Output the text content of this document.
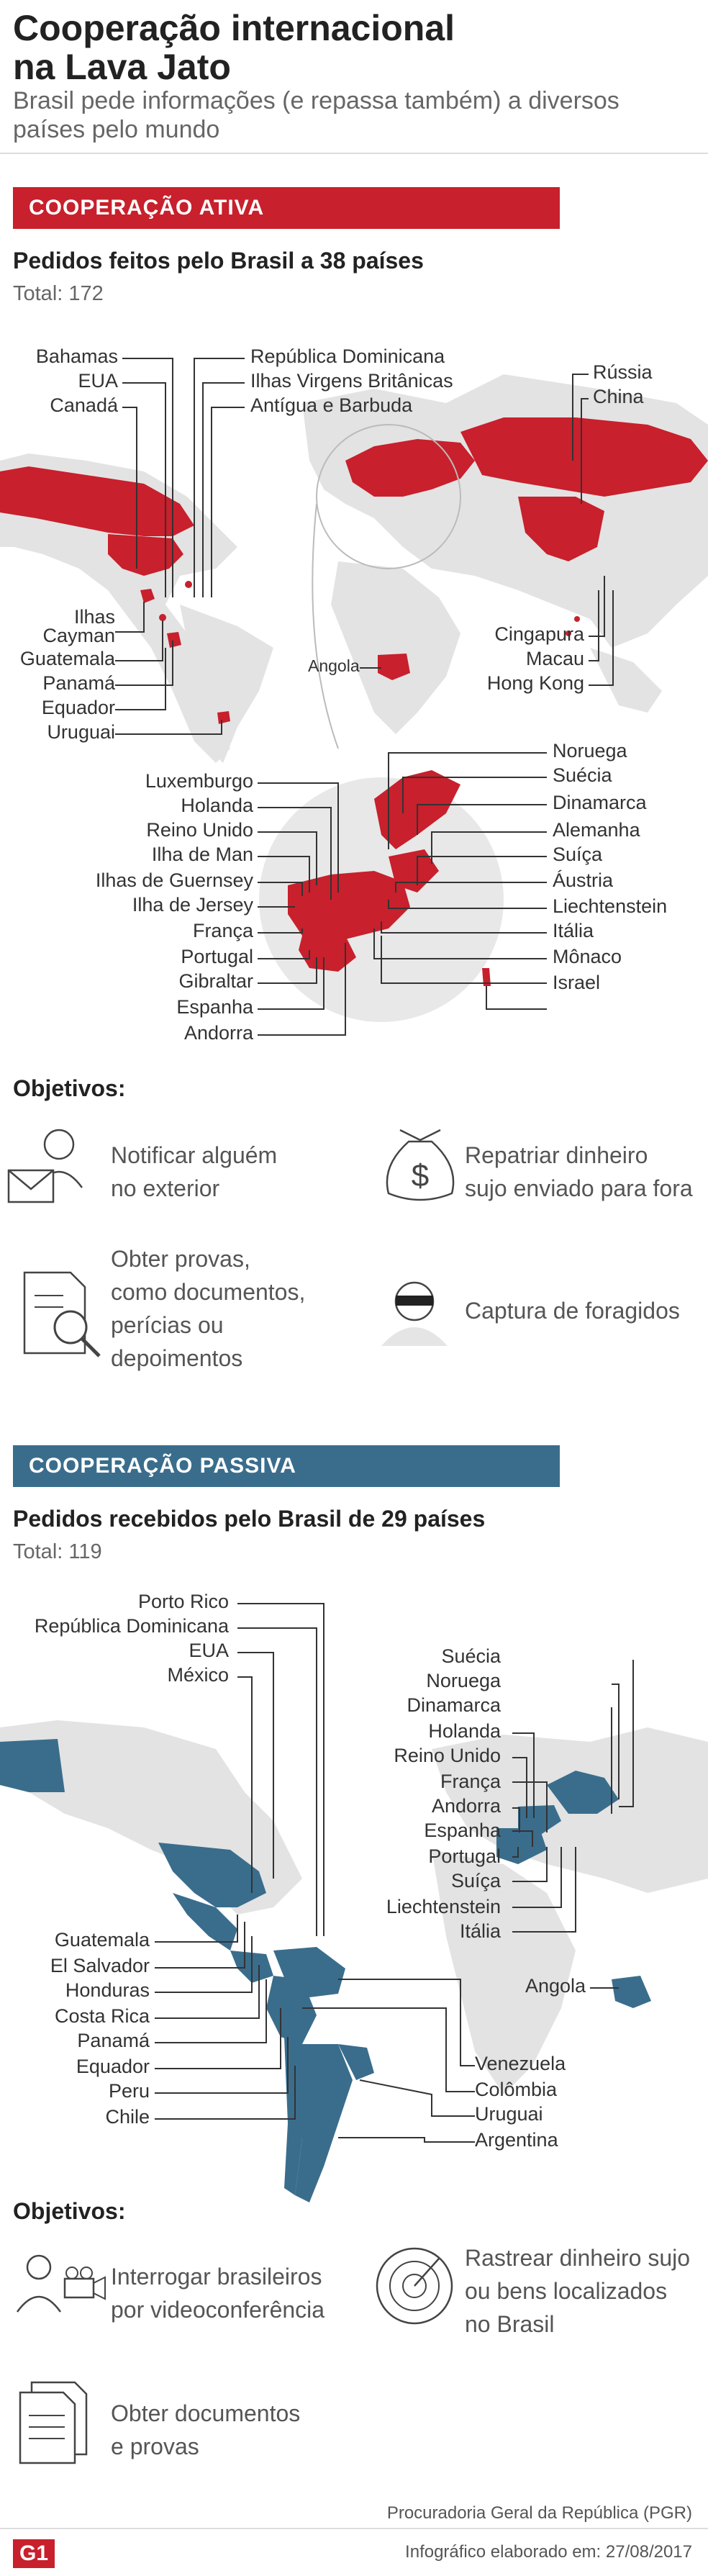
Cooperação internacional
na Lava Jato
Brasil pede informações (e repassa também) a diversos
países pelo mundo
COOPERAÇÃO ATIVA
Pedidos feitos pelo Brasil a 38 países
Total: 172
Bahamas
EUA
Canadá
República Dominicana
Ilhas Virgens Britânicas
Antígua e Barbuda
Rússia
China
Ilhas
Cayman
Guatemala
Panamá
Equador
Uruguai
Angola
Cingapura
Macau
Hong Kong
Luxemburgo
Holanda
Reino Unido
Ilha de Man
Ilhas de Guernsey
Ilha de Jersey
França
Portugal
Gibraltar
Espanha
Andorra
Noruega
Suécia
Dinamarca
Alemanha
Suíça
Áustria
Liechtenstein
Itália
Mônaco
Israel
Objetivos:
Notificar alguém
no exterior	$
Repatriar dinheiro
sujo enviado para fora
Obter provas,
como documentos,
perícias ou
depoimentos
Captura de foragidos
COOPERAÇÃO PASSIVA
Pedidos recebidos pelo Brasil de 29 países
Total: 119
Porto Rico
República Dominicana
EUA
México
Suécia
Noruega
Dinamarca
Holanda
Reino Unido
França
Andorra
Espanha
Portugal
Suíça
Liechtenstein
Itália
Guatemala
El Salvador
Honduras
Costa Rica
Panamá
Equador
Peru
Chile
Angola
Venezuela
Colômbia
Uruguai
Argentina
Objetivos:
Interrogar brasileiros
por videoconferência
Rastrear dinheiro sujo
ou bens localizados
no Brasil
Obter documentos
e provas
Procuradoria Geral da República (PGR)
G1	Infográfico elaborado em: 27/08/2017
